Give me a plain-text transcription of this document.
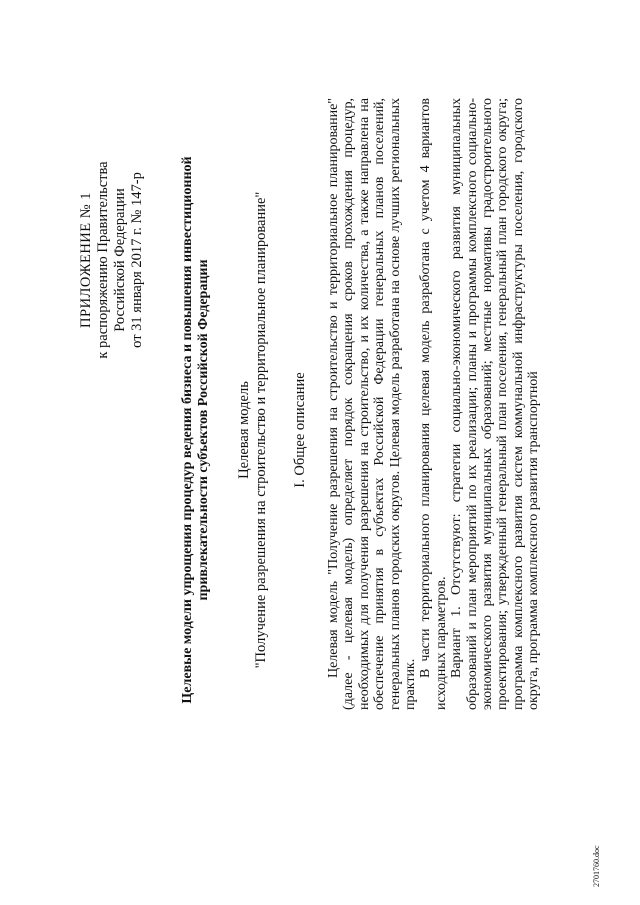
ПРИЛОЖЕНИЕ № 1 к распоряжению Правительства Российской Федерации от 31 января 2017 г. № 147-р	Целевые модели упрощения процедур ведения бизнеса и повышения инвестиционной привлекательности субъектов Российской Федерации Целевая модель "Получение разрешения на строительство и территориальное планирование" I. Общее описание Целевая модель "Получение разрешения на строительство и территориальное планирование" (далее - целевая модель) определяет порядок сокращения сроков прохождения процедур, необходимых для получения разрешения на строительство, и их количества, а также направлена на обеспечение принятия в субъектах Российской Федерации генеральных планов поселений, генеральных планов городских округов. Целевая модель разработана на основе лучших региональных практик.

В части территориального планирования целевая модель разработана с учетом 4 вариантов исходных параметров. Вариант 1. Отсутствуют: стратегии социально-экономического развития муниципальных образований и план мероприятий по их реализации; планы и программы комплексного социально-экономического развития муниципальных образований; местные нормативы градостроительного проектирования; утвержденный генеральный план поселения, генеральный план городского округа; программа комплексного развития систем коммунальной инфраструктуры поселения, городского округа, программа комплексного развития транспортной

2701760.doc
